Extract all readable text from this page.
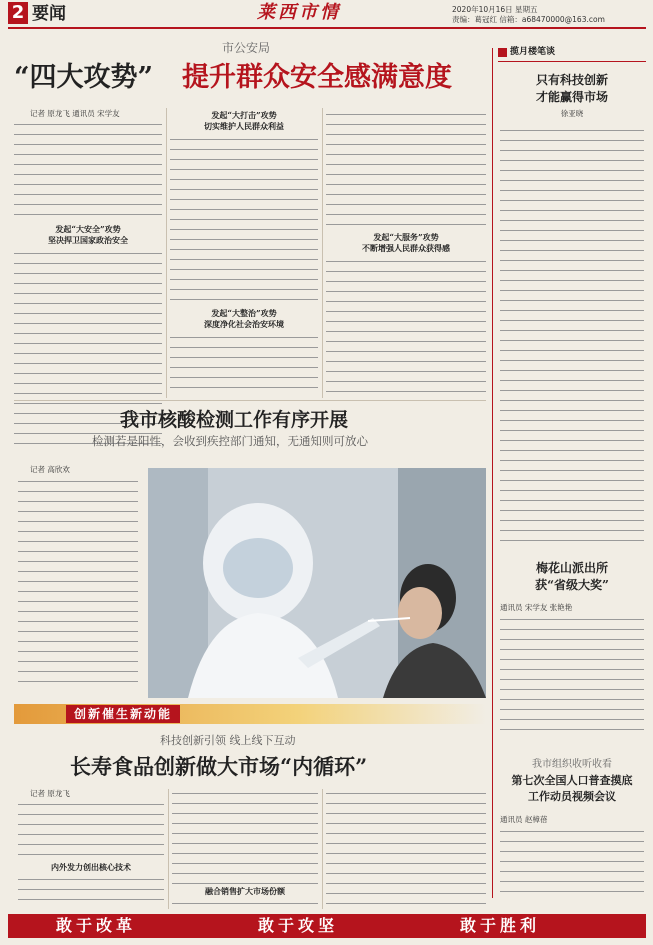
2 要闻	莱西市情	2020年10月16日 星期五
责编：葛冠红 信箱：a68470000@163.com
市公安局
“四大攻势” 提升群众安全感满意度
记者 原龙飞 通讯员 宋学友
发起“大安全”攻势
坚决捍卫国家政治安全
发起“大打击”攻势
切实维护人民群众利益
发起“大整治”攻势
深度净化社会治安环境
发起“大服务”攻势
不断增强人民群众获得感
揽月楼笔谈
只有科技创新
才能赢得市场
徐亚晓
梅花山派出所
获“省级大奖”
通讯员 宋学友 张艳艳
我市组织收听收看
第七次全国人口普查摸底
工作动员视频会议
通讯员 赵樟蓓
我市核酸检测工作有序开展
检测若是阳性，会收到疾控部门通知，无通知则可放心
记者 高欣欢
创新催生新动能
科技创新引领 线上线下互动
长寿食品创新做大市场“内循环”
记者 原龙飞
内外发力创出核心技术
融合销售扩大市场份额
敢于改革	敢于攻坚	敢于胜利
